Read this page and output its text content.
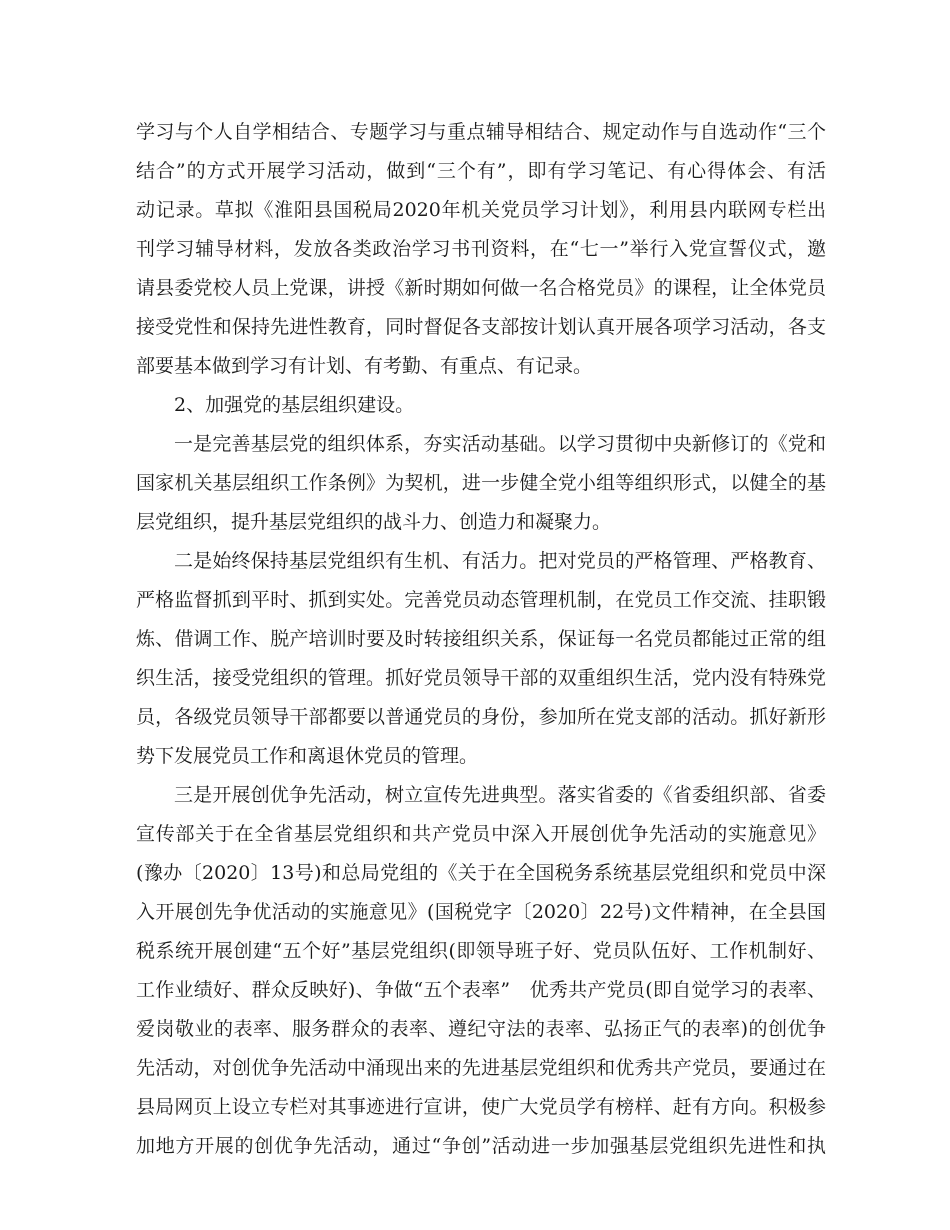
学习与个人自学相结合、专题学习与重点辅导相结合、规定动作与自选动作“三个
结合”的方式开展学习活动，做到“三个有”，即有学习笔记、有心得体会、有活
动记录。草拟《淮阳县国税局2020年机关党员学习计划》，利用县内联网专栏出
刊学习辅导材料，发放各类政治学习书刊资料，在“七一”举行入党宣誓仪式，邀
请县委党校人员上党课，讲授《新时期如何做一名合格党员》的课程，让全体党员
接受党性和保持先进性教育，同时督促各支部按计划认真开展各项学习活动，各支
部要基本做到学习有计划、有考勤、有重点、有记录。
2、加强党的基层组织建设。
一是完善基层党的组织体系，夯实活动基础。以学习贯彻中央新修订的《党和
国家机关基层组织工作条例》为契机，进一步健全党小组等组织形式，以健全的基
层党组织，提升基层党组织的战斗力、创造力和凝聚力。
二是始终保持基层党组织有生机、有活力。把对党员的严格管理、严格教育、
严格监督抓到平时、抓到实处。完善党员动态管理机制，在党员工作交流、挂职锻
炼、借调工作、脱产培训时要及时转接组织关系，保证每一名党员都能过正常的组
织生活，接受党组织的管理。抓好党员领导干部的双重组织生活，党内没有特殊党
员，各级党员领导干部都要以普通党员的身份，参加所在党支部的活动。抓好新形
势下发展党员工作和离退休党员的管理。
三是开展创优争先活动，树立宣传先进典型。落实省委的《省委组织部、省委
宣传部关于在全省基层党组织和共产党员中深入开展创优争先活动的实施意见》
(豫办〔2020〕13号)和总局党组的《关于在全国税务系统基层党组织和党员中深
入开展创先争优活动的实施意见》(国税党字〔2020〕22号)文件精神，在全县国
税系统开展创建“五个好”基层党组织(即领导班子好、党员队伍好、工作机制好、
工作业绩好、群众反映好)、争做“五个表率”　优秀共产党员(即自觉学习的表率、
爱岗敬业的表率、服务群众的表率、遵纪守法的表率、弘扬正气的表率)的创优争
先活动，对创优争先活动中涌现出来的先进基层党组织和优秀共产党员，要通过在
县局网页上设立专栏对其事迹进行宣讲，使广大党员学有榜样、赶有方向。积极参
加地方开展的创优争先活动，通过“争创”活动进一步加强基层党组织先进性和执
